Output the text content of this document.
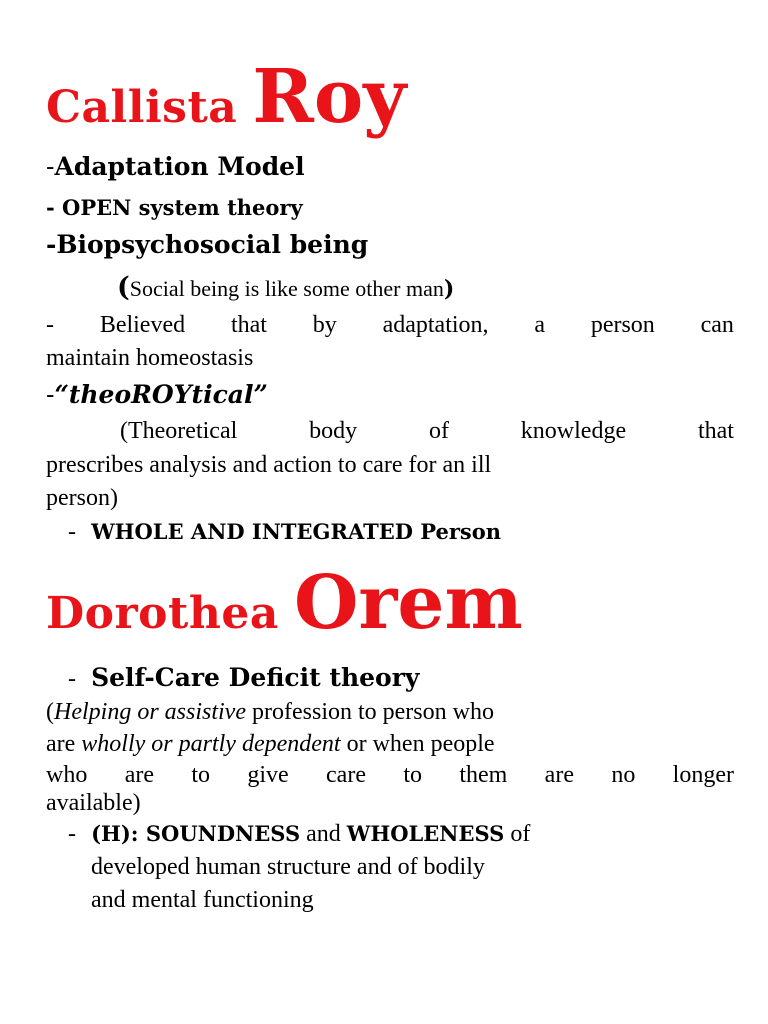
Callista Roy
-Adaptation Model
- OPEN system theory
-Biopsychosocial being
(Social being is like some other man)
- Believed that by adaptation, a person can
maintain homeostasis
-“theoROYtical”
(Theoretical	body	of	knowledge	that
prescribes analysis and action to care for an ill
person)
- WHOLE AND INTEGRATED Person
Dorothea Orem
- Self-Care Deficit theory
(Helping or assistive profession to person who
are wholly or partly dependent or when people
who are to give care to them are no longer
available)
- (H): SOUNDNESS and WHOLENESS of
developed human structure and of bodily
and mental functioning
